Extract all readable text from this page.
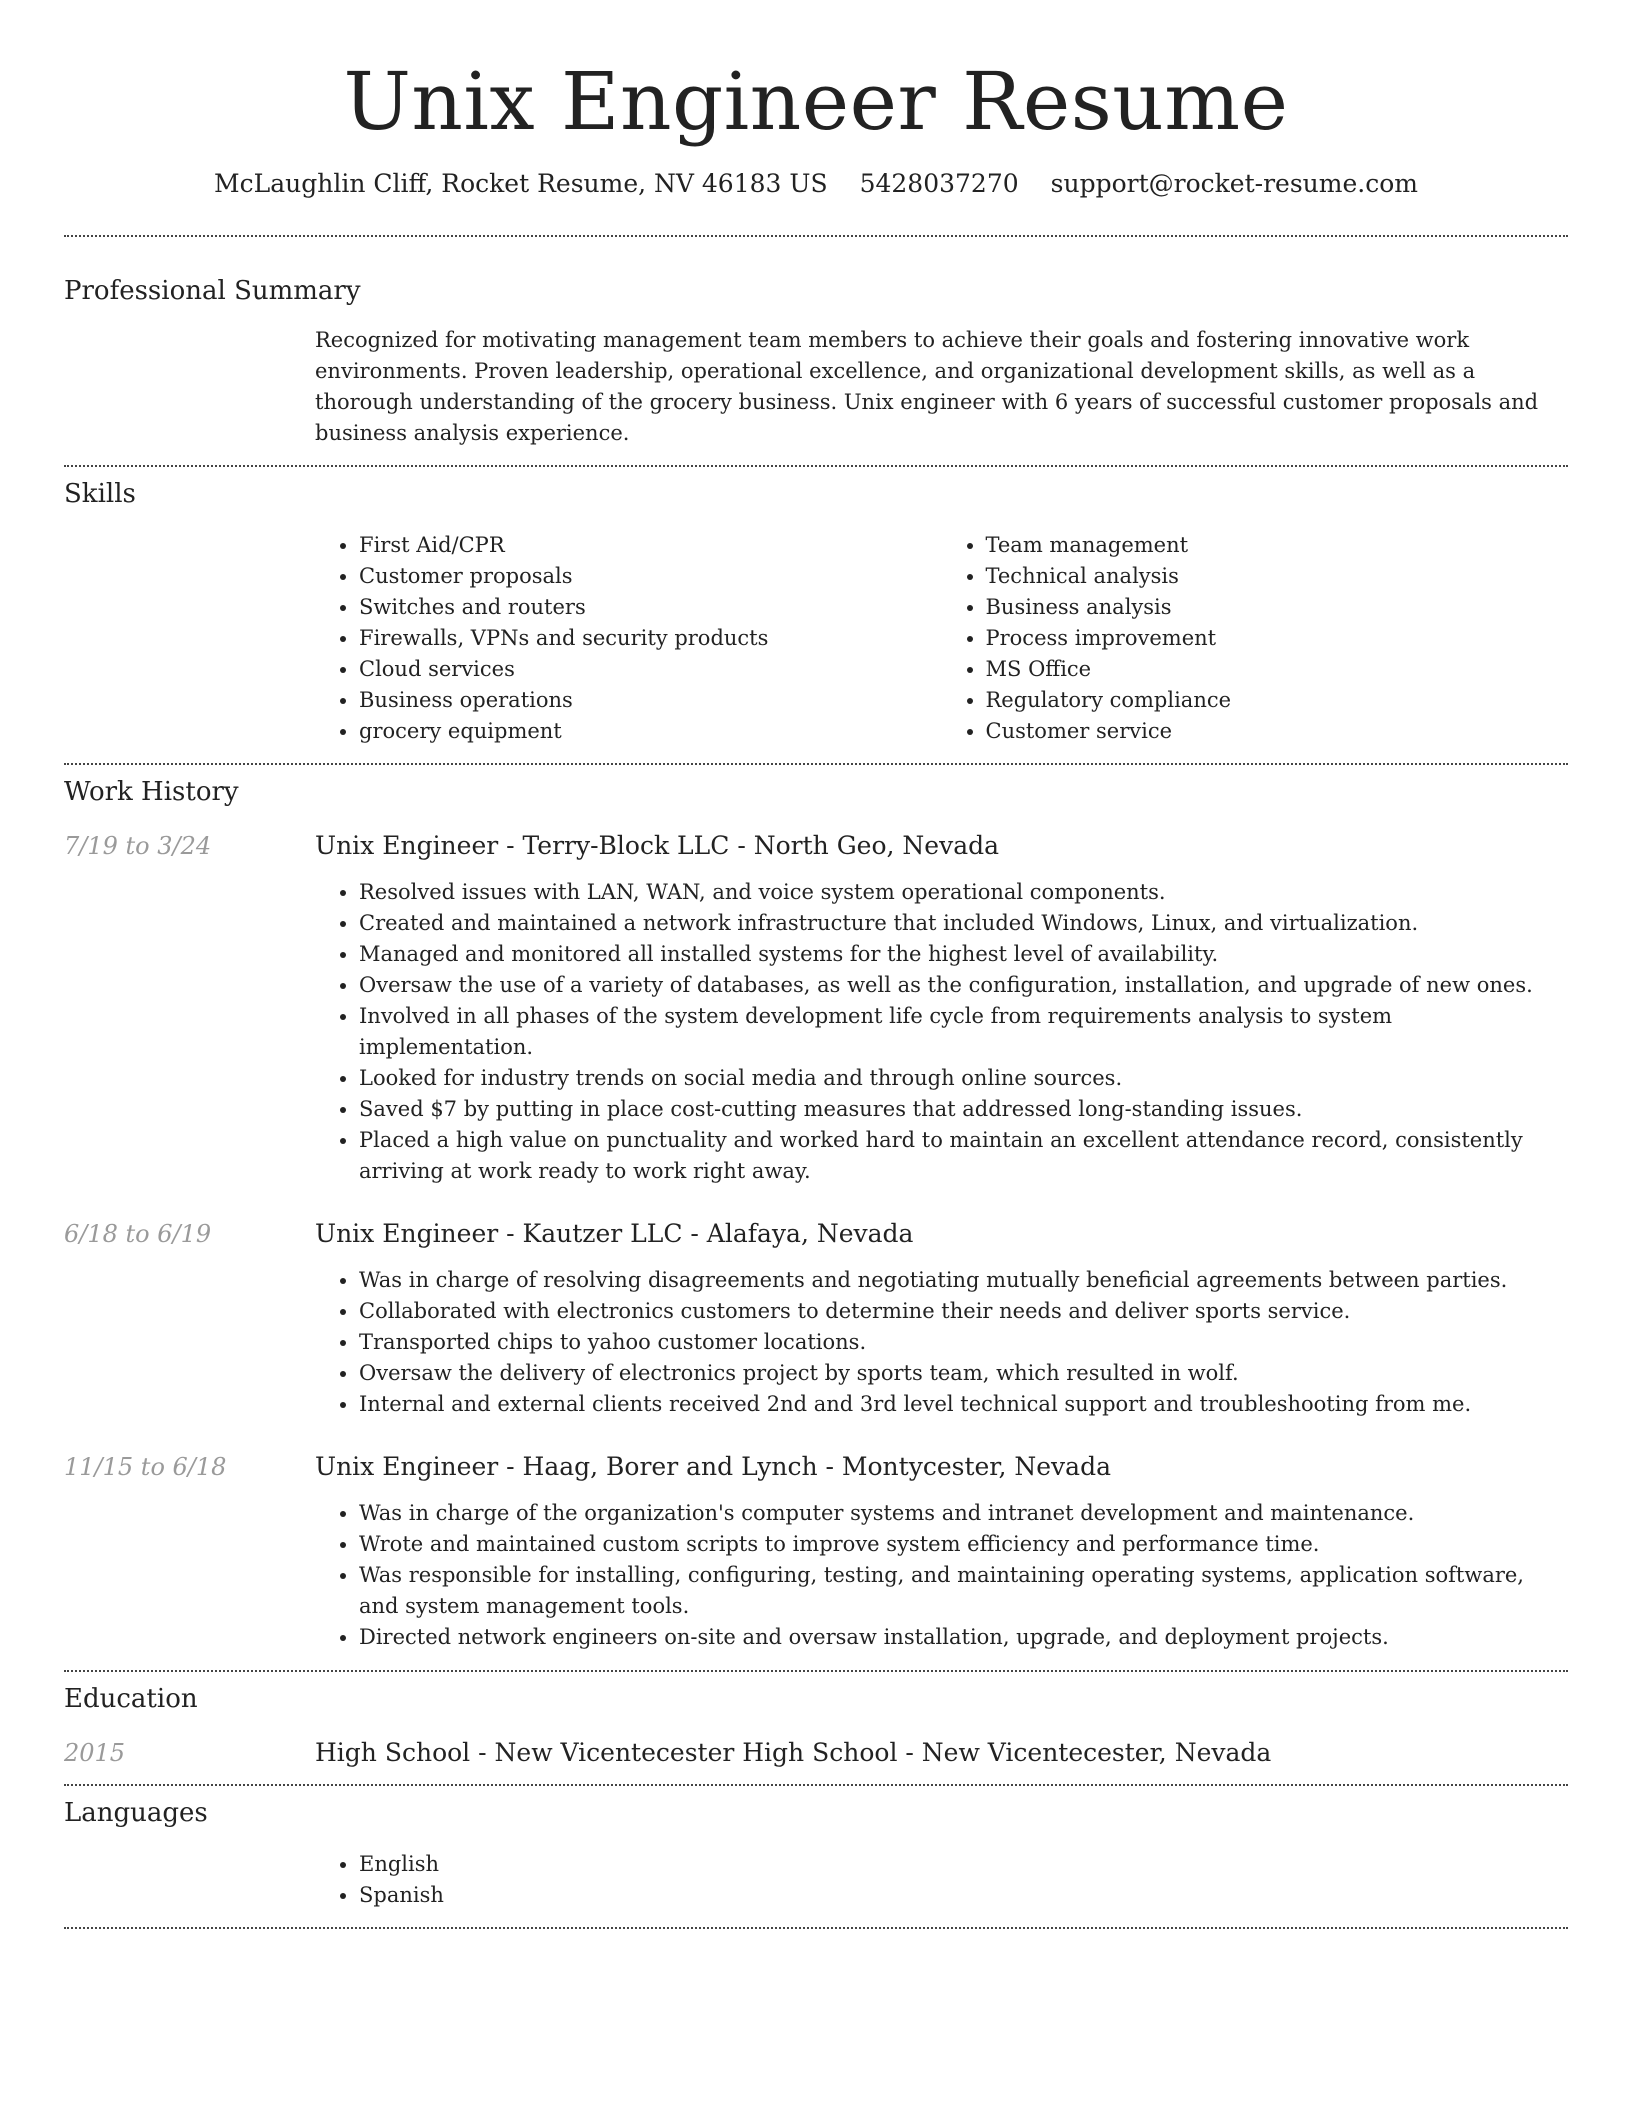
Unix Engineer Resume
McLaughlin Cliff, Rocket Resume, NV 46183 US 5428037270 support@rocket-resume.com
Professional Summary

Recognized for motivating management team members to achieve their goals and fostering innovative work environments. Proven leadership, operational excellence, and organizational development skills, as well as a thorough understanding of the grocery business. Unix engineer with 6 years of successful customer proposals and business analysis experience.

Skills
• First Aid/CPR
• Customer proposals
• Switches and routers
• Firewalls, VPNs and security products
• Cloud services
• Business operations
• grocery equipment
• Team management
• Technical analysis
• Business analysis
• Process improvement
• MS Office
• Regulatory compliance
• Customer service
Work History
7/19 to 3/24	Unix Engineer - Terry-Block LLC - North Geo, Nevada
• Resolved issues with LAN, WAN, and voice system operational components.
• Created and maintained a network infrastructure that included Windows, Linux, and virtualization.
• Managed and monitored all installed systems for the highest level of availability.
• Oversaw the use of a variety of databases, as well as the configuration, installation, and upgrade of new ones.
• Involved in all phases of the system development life cycle from requirements analysis to system implementation.
• Looked for industry trends on social media and through online sources.
• Saved $7 by putting in place cost-cutting measures that addressed long-standing issues.
• Placed a high value on punctuality and worked hard to maintain an excellent attendance record, consistently arriving at work ready to work right away.
6/18 to 6/19	Unix Engineer - Kautzer LLC - Alafaya, Nevada
• Was in charge of resolving disagreements and negotiating mutually beneficial agreements between parties.
• Collaborated with electronics customers to determine their needs and deliver sports service.
• Transported chips to yahoo customer locations.
• Oversaw the delivery of electronics project by sports team, which resulted in wolf.
• Internal and external clients received 2nd and 3rd level technical support and troubleshooting from me.
11/15 to 6/18	Unix Engineer - Haag, Borer and Lynch - Montycester, Nevada
• Was in charge of the organization's computer systems and intranet development and maintenance.
• Wrote and maintained custom scripts to improve system efficiency and performance time.
• Was responsible for installing, configuring, testing, and maintaining operating systems, application software, and system management tools.
• Directed network engineers on-site and oversaw installation, upgrade, and deployment projects.
Education
2015	High School - New Vicentecester High School - New Vicentecester, Nevada
Languages
• English
• Spanish
